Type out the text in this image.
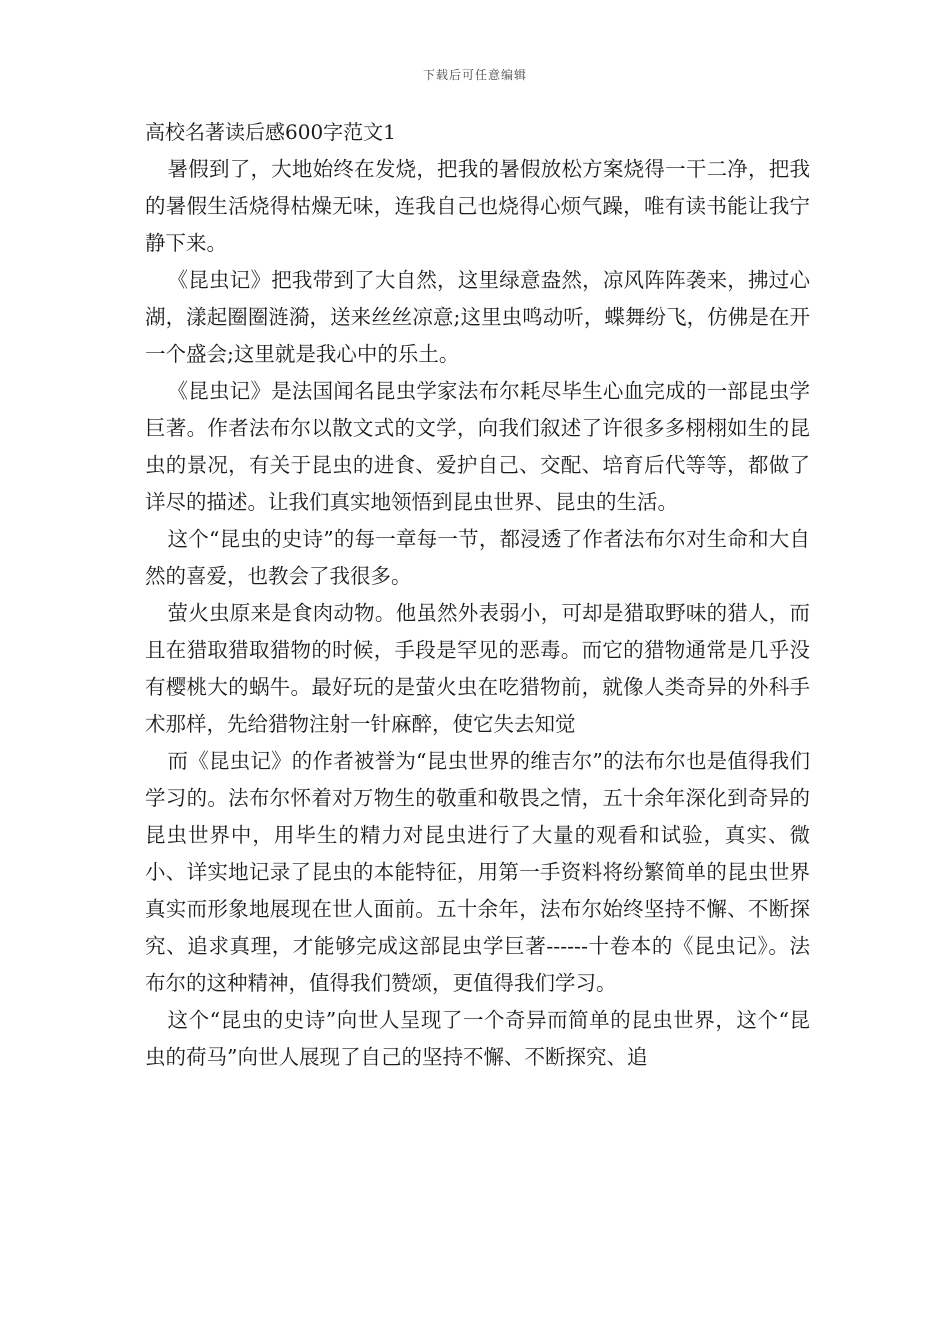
下载后可任意编辑
高校名著读后感600字范文1

暑假到了，大地始终在发烧，把我的暑假放松方案烧得一干二净，把我的暑假生活烧得枯燥无味，连我自己也烧得心烦气躁，唯有读书能让我宁静下来。

《昆虫记》把我带到了大自然，这里绿意盎然，凉风阵阵袭来，拂过心湖，漾起圈圈涟漪，送来丝丝凉意;这里虫鸣动听，蝶舞纷飞，仿佛是在开一个盛会;这里就是我心中的乐土。

《昆虫记》是法国闻名昆虫学家法布尔耗尽毕生心血完成的一部昆虫学巨著。作者法布尔以散文式的文学，向我们叙述了许很多多栩栩如生的昆虫的景况，有关于昆虫的进食、爱护自己、交配、培育后代等等，都做了详尽的描述。让我们真实地领悟到昆虫世界、昆虫的生活。

这个“昆虫的史诗”的每一章每一节，都浸透了作者法布尔对生命和大自然的喜爱，也教会了我很多。

萤火虫原来是食肉动物。他虽然外表弱小，可却是猎取野味的猎人，而且在猎取猎取猎物的时候，手段是罕见的恶毒。而它的猎物通常是几乎没有樱桃大的蜗牛。最好玩的是萤火虫在吃猎物前，就像人类奇异的外科手术那样，先给猎物注射一针麻醉，使它失去知觉

而《昆虫记》的作者被誉为“昆虫世界的维吉尔”的法布尔也是值得我们学习的。法布尔怀着对万物生的敬重和敬畏之情，五十余年深化到奇异的昆虫世界中，用毕生的精力对昆虫进行了大量的观看和试验，真实、微小、详实地记录了昆虫的本能特征，用第一手资料将纷繁简单的昆虫世界真实而形象地展现在世人面前。五十余年，法布尔始终坚持不懈、不断探究、追求真理，才能够完成这部昆虫学巨著------十卷本的《昆虫记》。法布尔的这种精神，值得我们赞颂，更值得我们学习。

这个“昆虫的史诗”向世人呈现了一个奇异而简单的昆虫世界，这个“昆虫的荷马”向世人展现了自己的坚持不懈、不断探究、追
